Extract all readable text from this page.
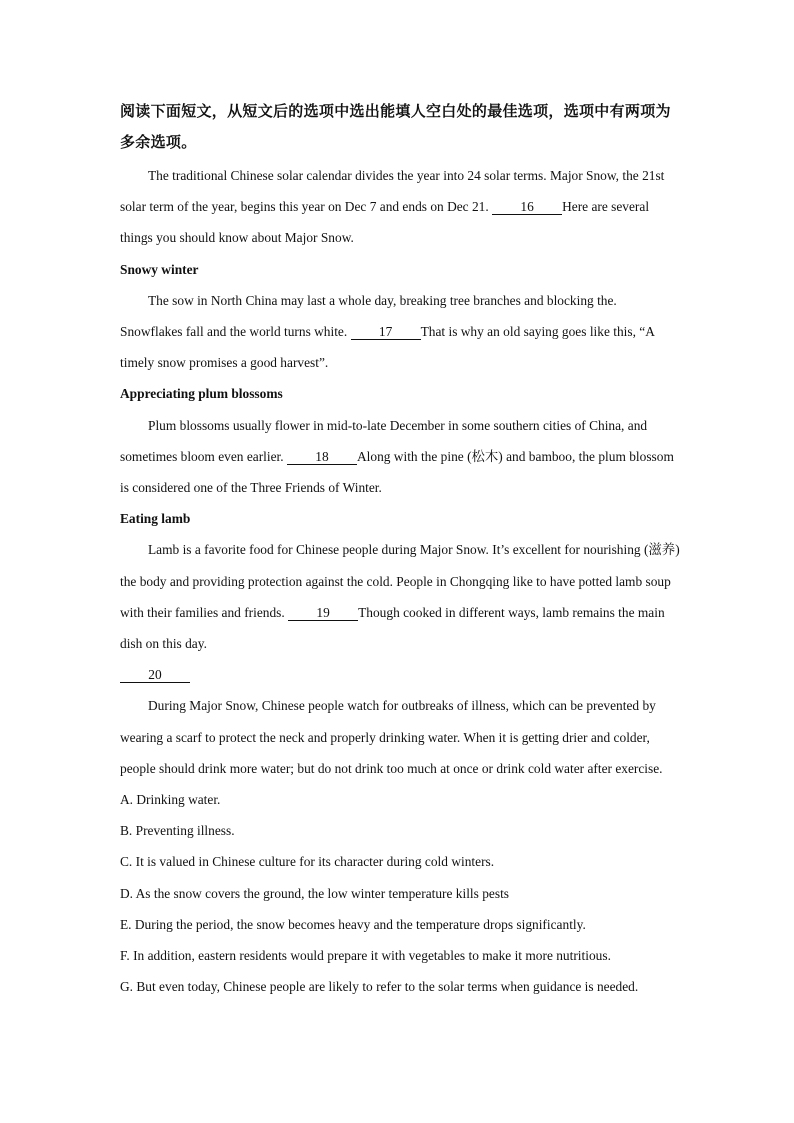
阅读下面短文，从短文后的选项中选出能填人空白处的最佳选项，选项中有两项为多余选项。

The traditional Chinese solar calendar divides the year into 24 solar terms. Major Snow, the 21st solar term of the year, begins this year on Dec 7 and ends on Dec 21. 16 Here are several things you should know about Major Snow.

Snowy winter

The sow in North China may last a whole day, breaking tree branches and blocking the. Snowflakes fall and the world turns white. 17 That is why an old saying goes like this, “A timely snow promises a good harvest”.

Appreciating plum blossoms

Plum blossoms usually flower in mid-to-late December in some southern cities of China, and sometimes bloom even earlier. 18 Along with the pine (松木) and bamboo, the plum blossom is considered one of the Three Friends of Winter.

Eating lamb

Lamb is a favorite food for Chinese people during Major Snow. It’s excellent for nourishing (滋养) the body and providing protection against the cold. People in Chongqing like to have potted lamb soup with their families and friends. 19 Though cooked in different ways, lamb remains the main dish on this day.

20

During Major Snow, Chinese people watch for outbreaks of illness, which can be prevented by wearing a scarf to protect the neck and properly drinking water. When it is getting drier and colder, people should drink more water; but do not drink too much at once or drink cold water after exercise.

A. Drinking water.

B. Preventing illness.

C. It is valued in Chinese culture for its character during cold winters.

D. As the snow covers the ground, the low winter temperature kills pests

E. During the period, the snow becomes heavy and the temperature drops significantly.

F. In addition, eastern residents would prepare it with vegetables to make it more nutritious.

G. But even today, Chinese people are likely to refer to the solar terms when guidance is needed.
